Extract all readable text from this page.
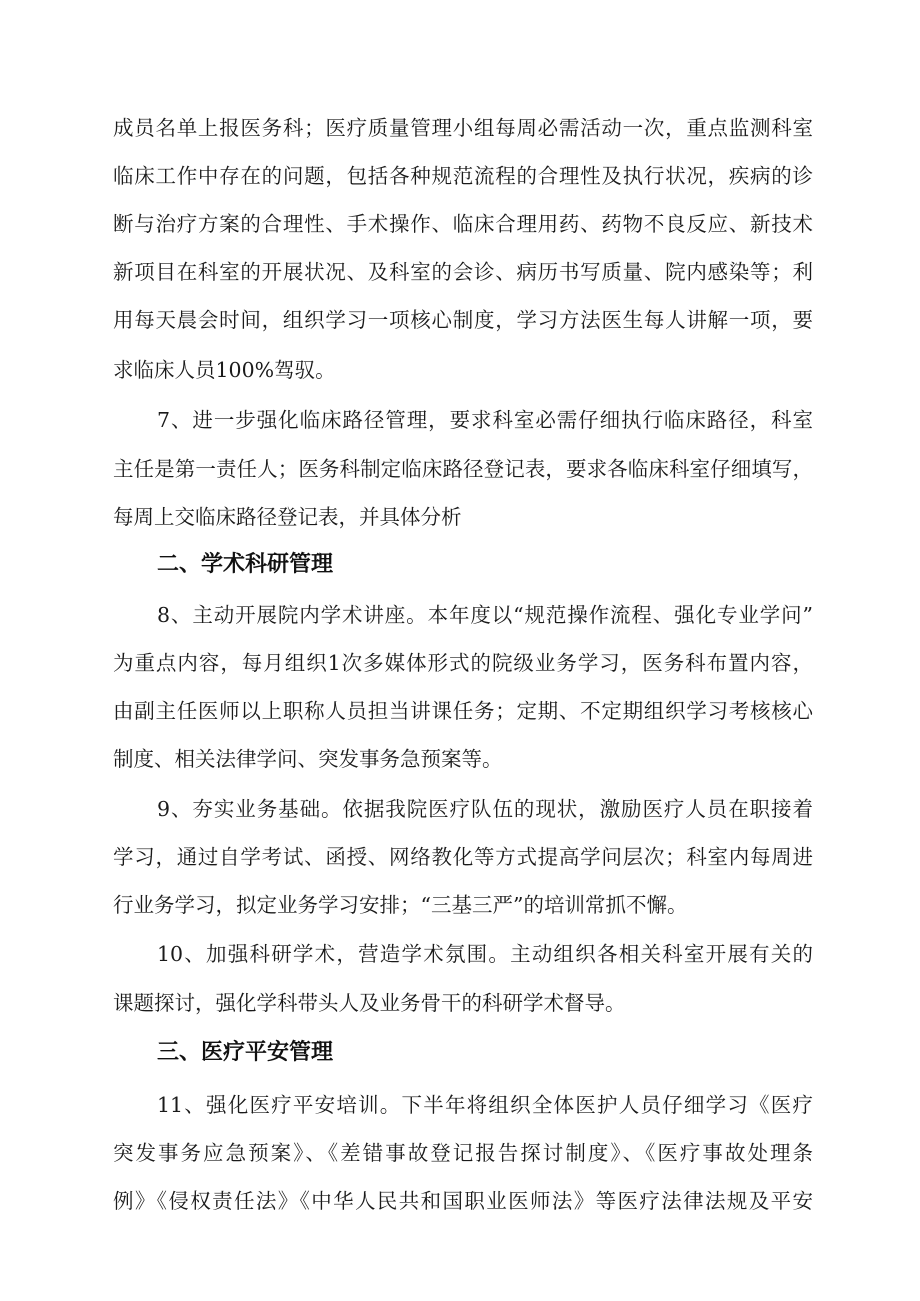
成员名单上报医务科；医疗质量管理小组每周必需活动一次，重点监测科室
临床工作中存在的问题，包括各种规范流程的合理性及执行状况，疾病的诊
断与治疗方案的合理性、手术操作、临床合理用药、药物不良反应、新技术
新项目在科室的开展状况、及科室的会诊、病历书写质量、院内感染等；利
用每天晨会时间，组织学习一项核心制度，学习方法医生每人讲解一项，要
求临床人员100%驾驭。
7、进一步强化临床路径管理，要求科室必需仔细执行临床路径，科室
主任是第一责任人；医务科制定临床路径登记表，要求各临床科室仔细填写，
每周上交临床路径登记表，并具体分析
二、学术科研管理
8、主动开展院内学术讲座。本年度以“规范操作流程、强化专业学问”
为重点内容，每月组织1次多媒体形式的院级业务学习，医务科布置内容，
由副主任医师以上职称人员担当讲课任务；定期、不定期组织学习考核核心
制度、相关法律学问、突发事务急预案等。
9、夯实业务基础。依据我院医疗队伍的现状，激励医疗人员在职接着
学习，通过自学考试、函授、网络教化等方式提高学问层次；科室内每周进
行业务学习，拟定业务学习安排；“三基三严”的培训常抓不懈。
10、加强科研学术，营造学术氛围。主动组织各相关科室开展有关的
课题探讨，强化学科带头人及业务骨干的科研学术督导。
三、医疗平安管理
11、强化医疗平安培训。下半年将组织全体医护人员仔细学习《医疗
突发事务应急预案》、《差错事故登记报告探讨制度》、《医疗事故处理条
例》《侵权责任法》《中华人民共和国职业医师法》等医疗法律法规及平安
